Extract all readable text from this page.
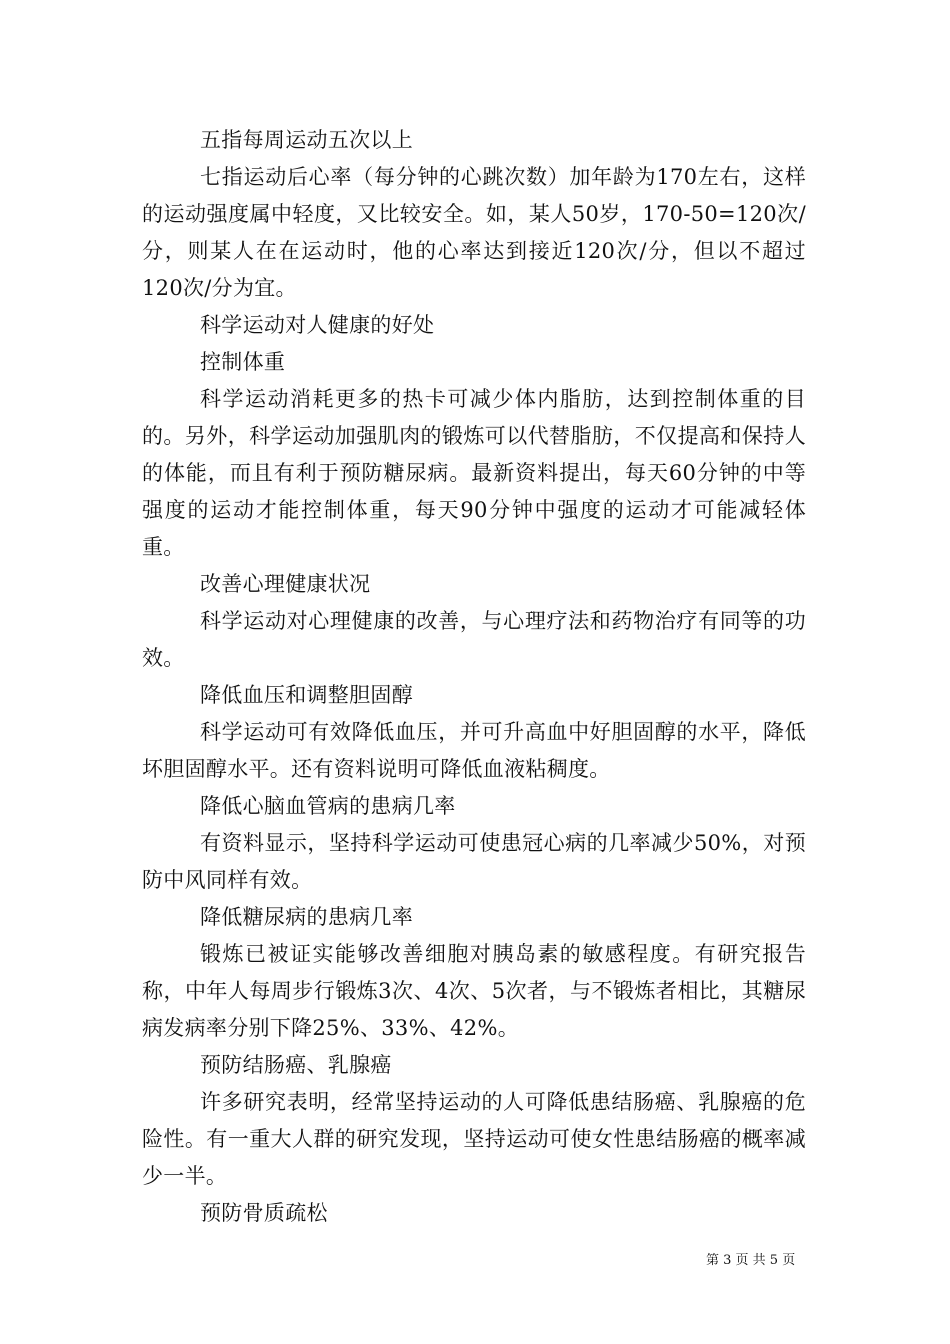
五指每周运动五次以上

七指运动后心率（每分钟的心跳次数）加年龄为170左右，这样的运动强度属中轻度，又比较安全。如，某人50岁，170-50=120次/分，则某人在在运动时，他的心率达到接近120次/分，但以不超过120次/分为宜。

科学运动对人健康的好处

控制体重

科学运动消耗更多的热卡可减少体内脂肪，达到控制体重的目的。另外，科学运动加强肌肉的锻炼可以代替脂肪，不仅提高和保持人的体能，而且有利于预防糖尿病。最新资料提出，每天60分钟的中等强度的运动才能控制体重，每天90分钟中强度的运动才可能减轻体重。

改善心理健康状况

科学运动对心理健康的改善，与心理疗法和药物治疗有同等的功效。

降低血压和调整胆固醇

科学运动可有效降低血压，并可升高血中好胆固醇的水平，降低坏胆固醇水平。还有资料说明可降低血液粘稠度。

降低心脑血管病的患病几率

有资料显示，坚持科学运动可使患冠心病的几率减少50%，对预防中风同样有效。

降低糖尿病的患病几率

锻炼已被证实能够改善细胞对胰岛素的敏感程度。有研究报告称，中年人每周步行锻炼3次、4次、5次者，与不锻炼者相比，其糖尿病发病率分别下降25%、33%、42%。

预防结肠癌、乳腺癌

许多研究表明，经常坚持运动的人可降低患结肠癌、乳腺癌的危险性。有一重大人群的研究发现，坚持运动可使女性患结肠癌的概率减少一半。

预防骨质疏松

第 3 页 共 5 页
